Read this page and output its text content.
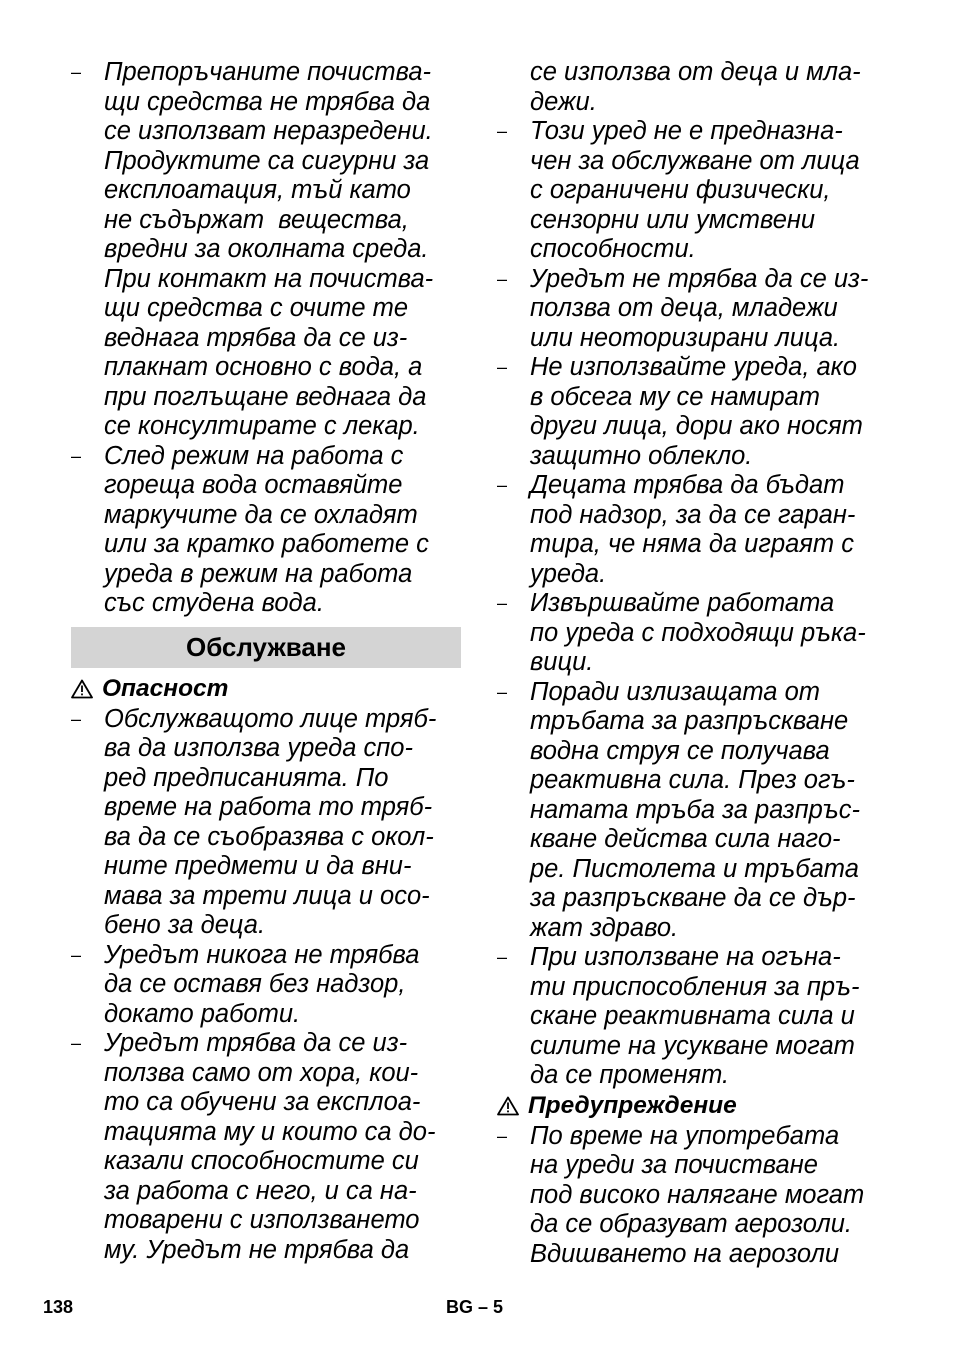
– Препоръчаните почиства-
щи средства не трябва да
се използват неразредени.
Продуктите са сигурни за
експлоатация, тъй като
не съдържат  вещества,
вредни за околната среда.
При контакт на почиства-
щи средства с очите те
веднага трябва да се из-
плакнат основно с вода, а
при поглъщане веднага да
се консултирате с лекар.
– След режим на работа с
гореща вода оставяйте
маркучите да се охладят
или за кратко работете с
уреда в режим на работа
със студена вода.
Обслужване
Опасност
– Обслужващото лице тряб-
ва да използва уреда спо-
ред предписанията. По
време на работа то тряб-
ва да се съобразява с окол-
ните предмети и да вни-
мава за трети лица и осо-
бено за деца.
– Уредът никога не трябва
да се оставя без надзор,
докато работи.
– Уредът трябва да се из-
ползва само от хора, кои-
то са обучени за експлоа-
тацията му и които са до-
казали способностите си
за работа с него, и са на-
товарени с използването
му. Уредът не трябва да
се използва от деца и мла-
дежи.
– Този уред не е предназна-
чен за обслужване от лица
с ограничени физически,
сензорни или умствени
способности.
– Уредът не трябва да се из-
ползва от деца, младежи
или неоторизирани лица.
– Не използвайте уреда, ако
в обсега му се намират
други лица, дори ако носят
защитно облекло.
– Децата трябва да бъдат
под надзор, за да се гаран-
тира, че няма да играят с
уреда.
– Извършвайте работата
по уреда с подходящи ръка-
вици.
– Поради излизащата от
тръбата за разпръскване
водна струя се получава
реактивна сила. През огъ-
натата тръба за разпръс-
кване действа сила наго-
ре. Пистолета и тръбата
за разпръскване да се дър-
жат здраво.
– При използване на огъна-
ти приспособления за пръ-
скане реактивната сила и
силите на усукване могат
да се променят.
Предупреждение
– По време на употребата
на уреди за почистване
под високо налягане могат
да се образуват аерозоли.
Вдишването на аерозоли
138	BG – 5
